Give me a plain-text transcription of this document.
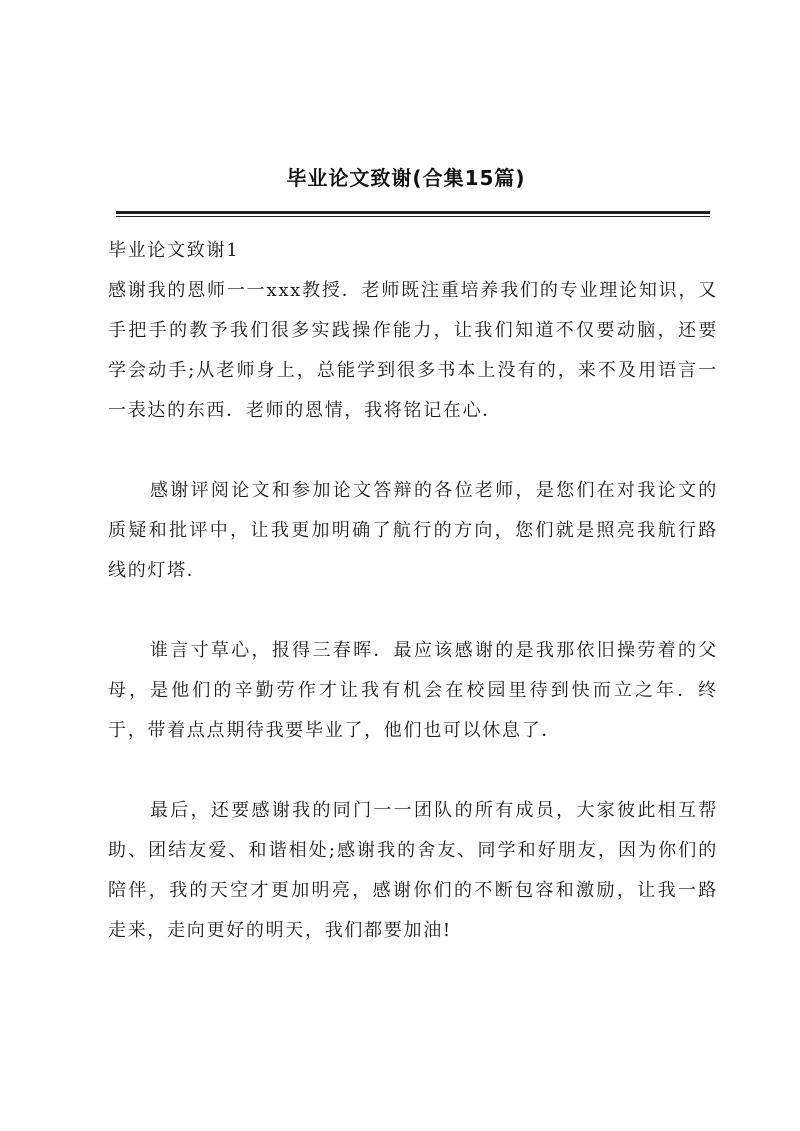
毕业论文致谢(合集15篇)

毕业论文致谢1

感谢我的恩师一一xxx教授．老师既注重培养我们的专业理论知识，又手把手的教予我们很多实践操作能力，让我们知道不仅要动脑，还要学会动手;从老师身上，总能学到很多书本上没有的，来不及用语言一一表达的东西．老师的恩情，我将铭记在心．

感谢评阅论文和参加论文答辩的各位老师，是您们在对我论文的质疑和批评中，让我更加明确了航行的方向，您们就是照亮我航行路线的灯塔．

谁言寸草心，报得三春晖．最应该感谢的是我那依旧操劳着的父母，是他们的辛勤劳作才让我有机会在校园里待到快而立之年．终于，带着点点期待我要毕业了，他们也可以休息了．

最后，还要感谢我的同门一一团队的所有成员，大家彼此相互帮助、团结友爱、和谐相处;感谢我的舍友、同学和好朋友，因为你们的陪伴，我的天空才更加明亮，感谢你们的不断包容和激励，让我一路走来，走向更好的明天，我们都要加油!
